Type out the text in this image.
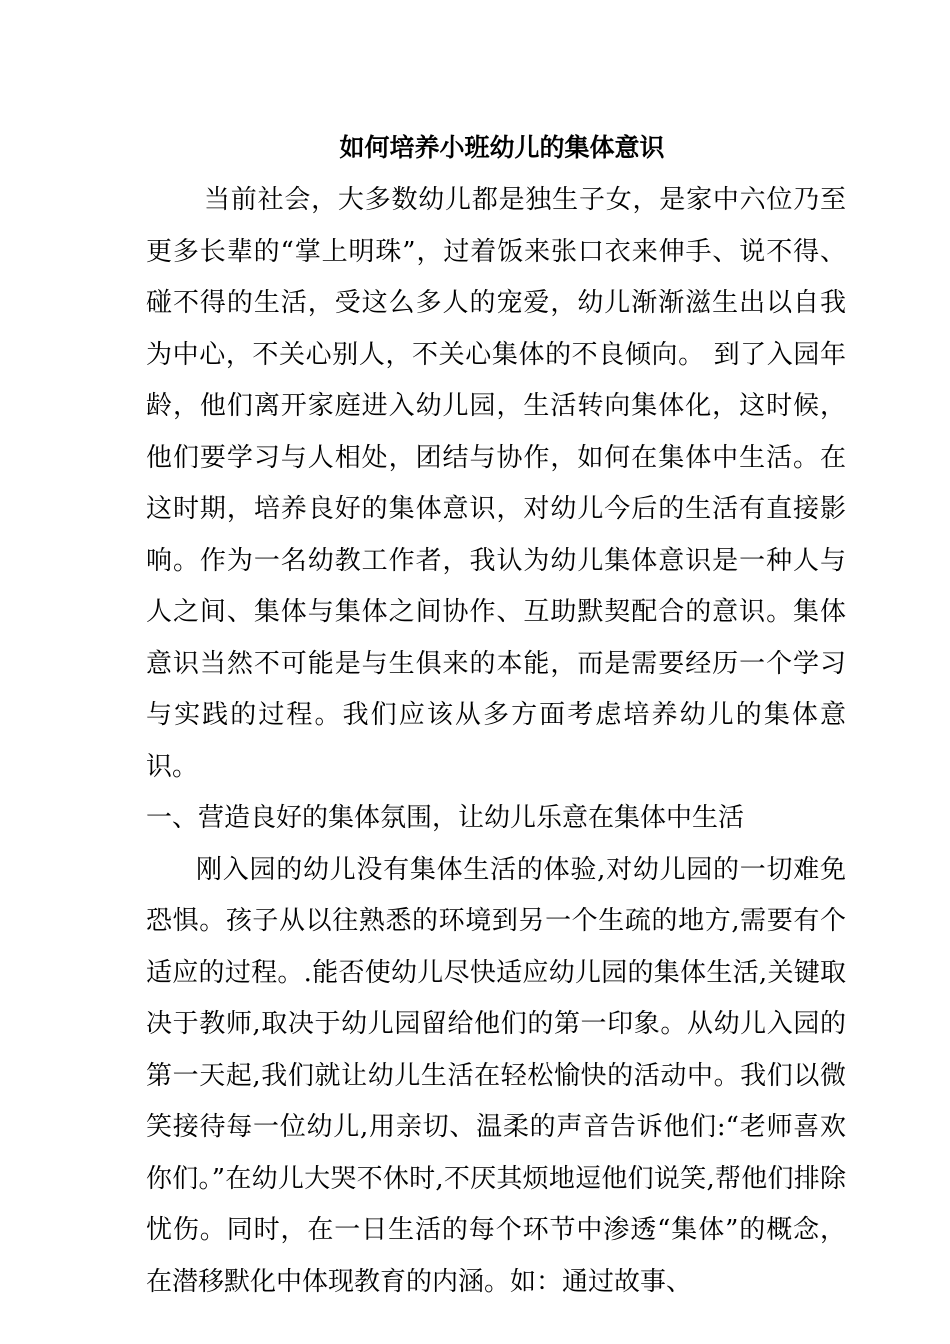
如何培养小班幼儿的集体意识

当前社会，大多数幼儿都是独生子女，是家中六位乃至更多长辈的“掌上明珠”，过着饭来张口衣来伸手、说不得、碰不得的生活，受这么多人的宠爱，幼儿渐渐滋生出以自我为中心，不关心别人，不关心集体的不良倾向。 到了入园年龄，他们离开家庭进入幼儿园，生活转向集体化，这时候，他们要学习与人相处，团结与协作，如何在集体中生活。在这时期，培养良好的集体意识，对幼儿今后的生活有直接影响。作为一名幼教工作者，我认为幼儿集体意识是一种人与人之间、集体与集体之间协作、互助默契配合的意识。集体意识当然不可能是与生俱来的本能，而是需要经历一个学习与实践的过程。我们应该从多方面考虑培养幼儿的集体意识。

一、营造良好的集体氛围，让幼儿乐意在集体中生活

刚入园的幼儿没有集体生活的体验,对幼儿园的一切难免恐惧。孩子从以往熟悉的环境到另一个生疏的地方,需要有个适应的过程。.能否使幼儿尽快适应幼儿园的集体生活,关键取决于教师,取决于幼儿园留给他们的第一印象。从幼儿入园的第一天起,我们就让幼儿生活在轻松愉快的活动中。我们以微笑接待每一位幼儿,用亲切、温柔的声音告诉他们:“老师喜欢你们。”在幼儿大哭不休时,不厌其烦地逗他们说笑,帮他们排除忧伤。同时，在一日生活的每个环节中渗透“集体”的概念，在潜移默化中体现教育的内涵。如：通过故事、
